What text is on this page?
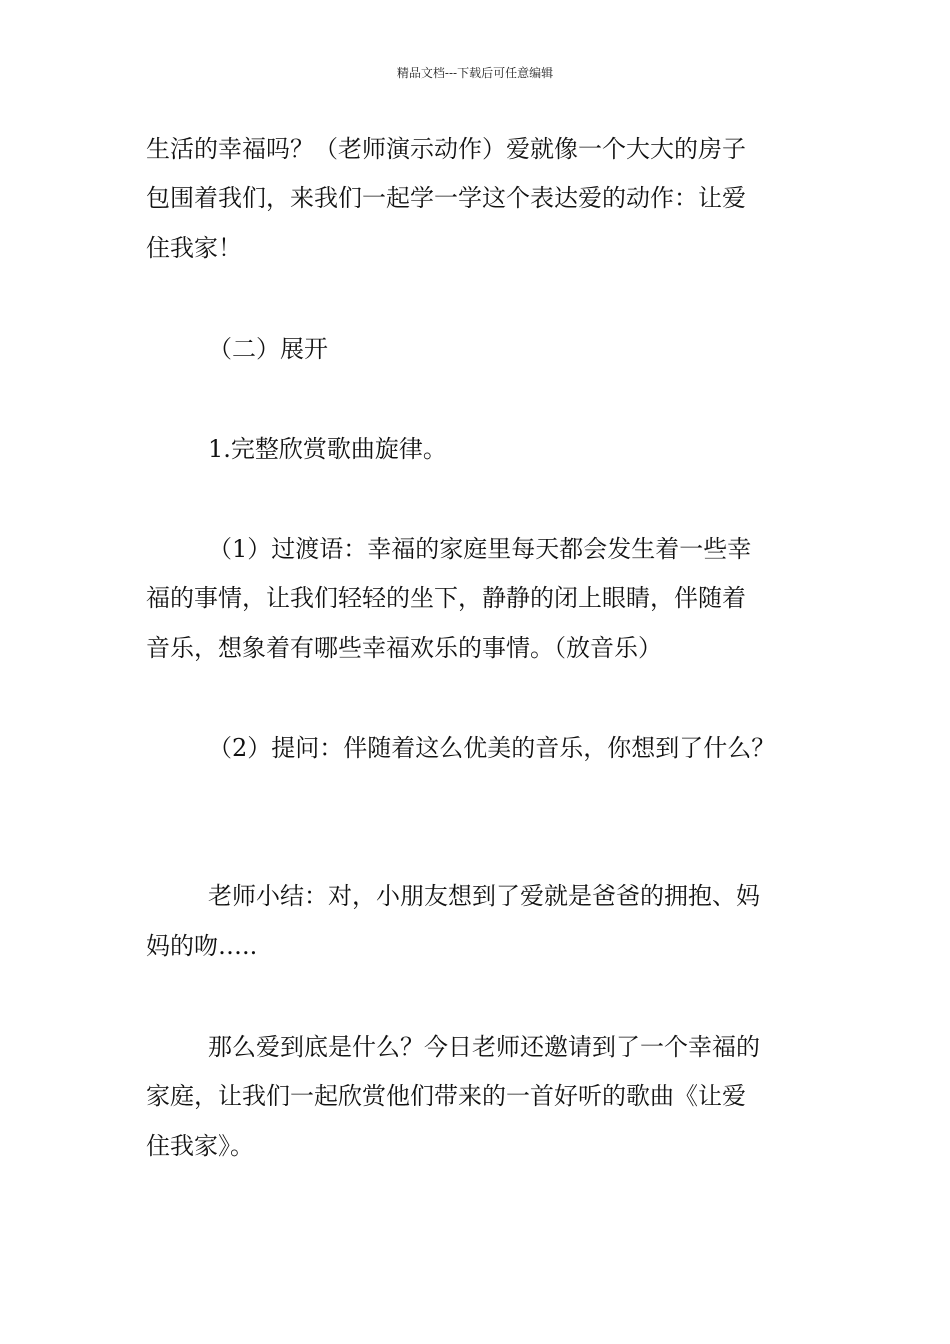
精品文档---下载后可任意编辑
生活的幸福吗？（老师演示动作）爱就像一个大大的房子
包围着我们，来我们一起学一学这个表达爱的动作：让爱
住我家！
（二）展开
1.完整欣赏歌曲旋律。
（1）过渡语：幸福的家庭里每天都会发生着一些幸
福的事情，让我们轻轻的坐下，静静的闭上眼睛，伴随着
音乐，想象着有哪些幸福欢乐的事情。（放音乐）
（2）提问：伴随着这么优美的音乐，你想到了什么？
老师小结：对，小朋友想到了爱就是爸爸的拥抱、妈
妈的吻…..
那么爱到底是什么？今日老师还邀请到了一个幸福的
家庭，让我们一起欣赏他们带来的一首好听的歌曲《让爱
住我家》。
